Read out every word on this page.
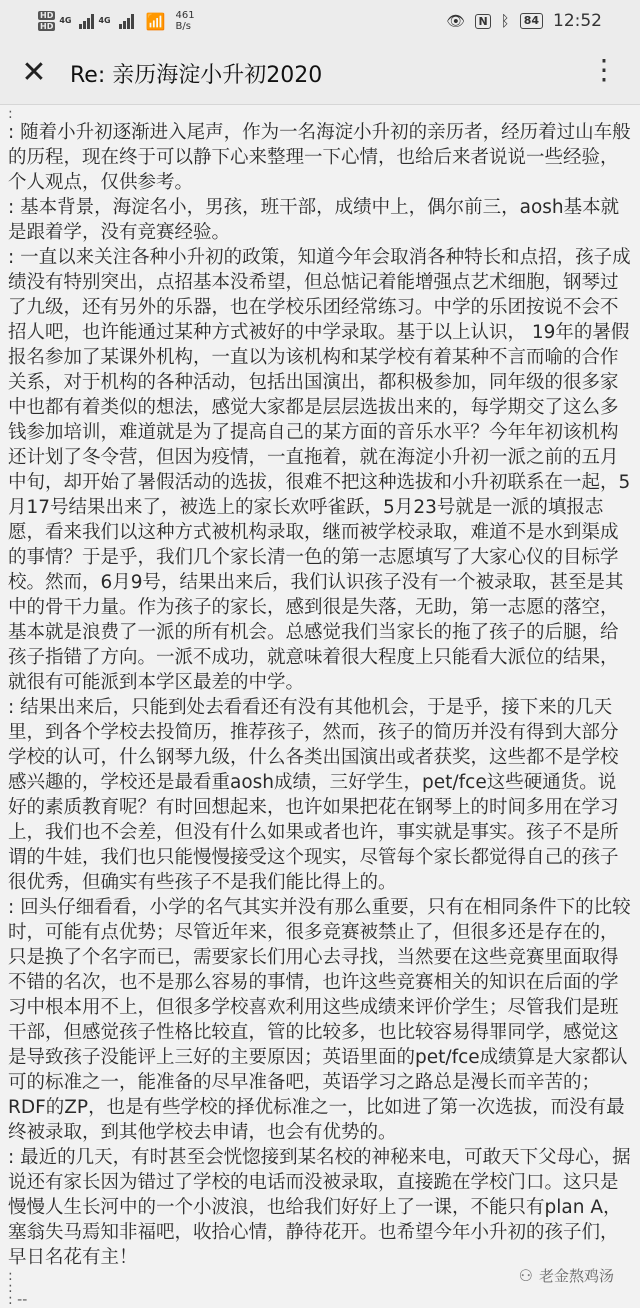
HD
HD
4G	4G 📶 461
B/s	👁 N ᛒ	84 12:52
✕	Re: 亲历海淀小升初2020	⋮

:

: 随着小升初逐渐进入尾声，作为一名海淀小升初的亲历者，经历着过山车般的历程，现在终于可以静下心来整理一下心情，也给后来者说说一些经验，个人观点，仅供参考。

: 基本背景，海淀名小，男孩，班干部，成绩中上，偶尔前三，aosh基本就是跟着学，没有竞赛经验。

: 一直以来关注各种小升初的政策，知道今年会取消各种特长和点招，孩子成绩没有特别突出，点招基本没希望，但总惦记着能增强点艺术细胞，钢琴过了九级，还有另外的乐器，也在学校乐团经常练习。中学的乐团按说不会不招人吧，也许能通过某种方式被好的中学录取。基于以上认识， 19年的暑假报名参加了某课外机构，一直以为该机构和某学校有着某种不言而喻的合作关系，对于机构的各种活动，包括出国演出，都积极参加，同年级的很多家中也都有着类似的想法，感觉大家都是层层选拔出来的，每学期交了这么多钱参加培训，难道就是为了提高自己的某方面的音乐水平？今年年初该机构还计划了冬令营，但因为疫情，一直拖着，就在海淀小升初一派之前的五月中旬，却开始了暑假活动的选拔，很难不把这种选拔和小升初联系在一起，5月17号结果出来了，被选上的家长欢呼雀跃，5月23号就是一派的填报志愿，看来我们以这种方式被机构录取，继而被学校录取，难道不是水到渠成的事情？于是乎，我们几个家长清一色的第一志愿填写了大家心仪的目标学校。然而，6月9号，结果出来后，我们认识孩子没有一个被录取，甚至是其中的骨干力量。作为孩子的家长，感到很是失落，无助，第一志愿的落空，基本就是浪费了一派的所有机会。总感觉我们当家长的拖了孩子的后腿，给孩子指错了方向。一派不成功，就意味着很大程度上只能看大派位的结果，就很有可能派到本学区最差的中学。

: 结果出来后，只能到处去看看还有没有其他机会，于是乎，接下来的几天里，到各个学校去投简历，推荐孩子，然而，孩子的简历并没有得到大部分学校的认可，什么钢琴九级，什么各类出国演出或者获奖，这些都不是学校感兴趣的，学校还是最看重aosh成绩，三好学生，pet/fce这些硬通货。说好的素质教育呢？有时回想起来，也许如果把花在钢琴上的时间多用在学习上，我们也不会差，但没有什么如果或者也许，事实就是事实。孩子不是所谓的牛娃，我们也只能慢慢接受这个现实，尽管每个家长都觉得自己的孩子很优秀，但确实有些孩子不是我们能比得上的。

: 回头仔细看看，小学的名气其实并没有那么重要，只有在相同条件下的比较时，可能有点优势；尽管近年来，很多竞赛被禁止了，但很多还是存在的，只是换了个名字而已，需要家长们用心去寻找，当然要在这些竞赛里面取得不错的名次，也不是那么容易的事情，也许这些竞赛相关的知识在后面的学习中根本用不上，但很多学校喜欢利用这些成绩来评价学生；尽管我们是班干部，但感觉孩子性格比较直，管的比较多，也比较容易得罪同学，感觉这是导致孩子没能评上三好的主要原因；英语里面的pet/fce成绩算是大家都认可的标准之一，能准备的尽早准备吧，英语学习之路总是漫长而辛苦的；RDF的ZP，也是有些学校的择优标准之一，比如进了第一次选拔，而没有最终被录取，到其他学校去申请，也会有优势的。

: 最近的几天，有时甚至会恍惚接到某名校的神秘来电，可敢天下父母心，据说还有家长因为错过了学校的电话而没被录取，直接跪在学校门口。这只是慢慢人生长河中的一个小波浪，也给我们好好上了一课，不能只有plan A，塞翁失马焉知非福吧，收拾心情，静待花开。也希望今年小升初的孩子们，早日名花有主！

:

:

: --

⚇ 老金熬鸡汤
